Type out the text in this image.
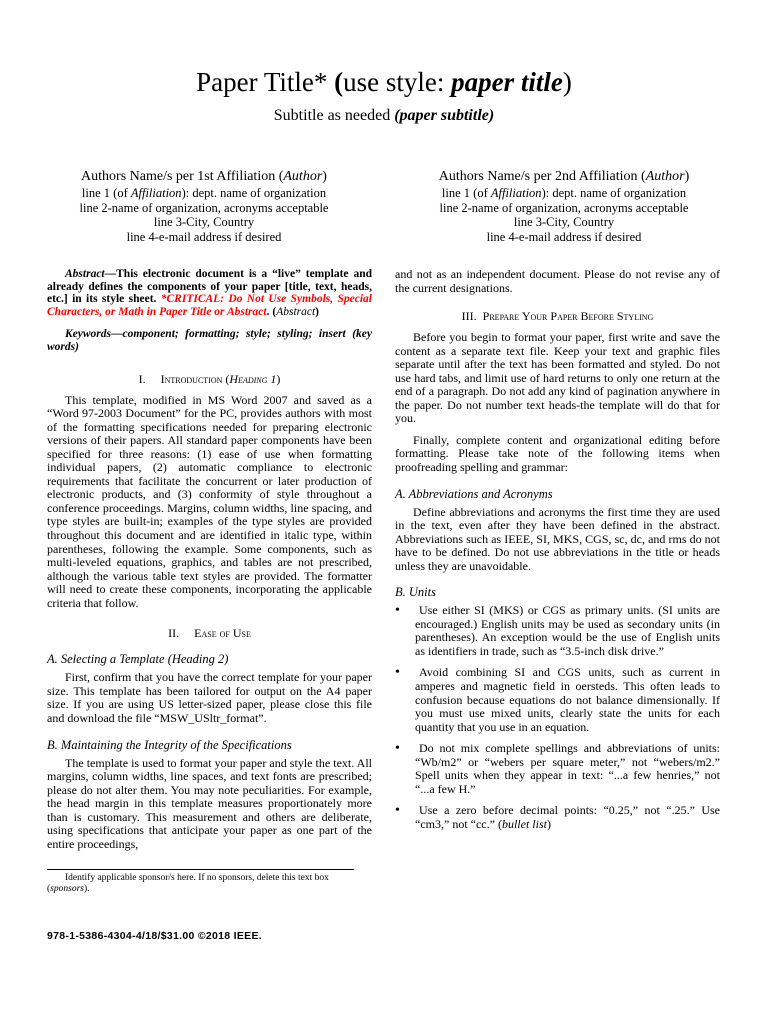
Paper Title* (use style: paper title)
Subtitle as needed (paper subtitle)
Authors Name/s per 1st Affiliation (Author)
line 1 (of Affiliation): dept. name of organization
line 2-name of organization, acronyms acceptable
line 3-City, Country
line 4-e-mail address if desired
Authors Name/s per 2nd Affiliation (Author)
line 1 (of Affiliation): dept. name of organization
line 2-name of organization, acronyms acceptable
line 3-City, Country
line 4-e-mail address if desired

Abstract—This electronic document is a “live” template and already defines the components of your paper [title, text, heads, etc.] in its style sheet. *CRITICAL: Do Not Use Symbols, Special Characters, or Math in Paper Title or Abstract. (Abstract)

Keywords—component; formatting; style; styling; insert (key words)

I. Introduction (Heading 1)

This template, modified in MS Word 2007 and saved as a “Word 97-2003 Document” for the PC, provides authors with most of the formatting specifications needed for preparing electronic versions of their papers. All standard paper components have been specified for three reasons: (1) ease of use when formatting individual papers, (2) automatic compliance to electronic requirements that facilitate the concurrent or later production of electronic products, and (3) conformity of style throughout a conference proceedings. Margins, column widths, line spacing, and type styles are built-in; examples of the type styles are provided throughout this document and are identified in italic type, within parentheses, following the example. Some components, such as multi-leveled equations, graphics, and tables are not prescribed, although the various table text styles are provided. The formatter will need to create these components, incorporating the applicable criteria that follow.

II. Ease of Use
A. Selecting a Template (Heading 2)

First, confirm that you have the correct template for your paper size. This template has been tailored for output on the A4 paper size. If you are using US letter-sized paper, please close this file and download the file “MSW_USltr_format”.

B. Maintaining the Integrity of the Specifications

The template is used to format your paper and style the text. All margins, column widths, line spaces, and text fonts are prescribed; please do not alter them. You may note peculiarities. For example, the head margin in this template measures proportionately more than is customary. This measurement and others are deliberate, using specifications that anticipate your paper as one part of the entire proceedings,

Identify applicable sponsor/s here. If no sponsors, delete this text box (sponsors).
978-1-5386-4304-4/18/$31.00 ©2018 IEEE.

and not as an independent document. Please do not revise any of the current designations.

III. Prepare Your Paper Before Styling

Before you begin to format your paper, first write and save the content as a separate text file. Keep your text and graphic files separate until after the text has been formatted and styled. Do not use hard tabs, and limit use of hard returns to only one return at the end of a paragraph. Do not add any kind of pagination anywhere in the paper. Do not number text heads-the template will do that for you.

Finally, complete content and organizational editing before formatting. Please take note of the following items when proofreading spelling and grammar:

A. Abbreviations and Acronyms

Define abbreviations and acronyms the first time they are used in the text, even after they have been defined in the abstract. Abbreviations such as IEEE, SI, MKS, CGS, sc, dc, and rms do not have to be defined. Do not use abbreviations in the title or heads unless they are unavoidable.

B. Units
• Use either SI (MKS) or CGS as primary units. (SI units are encouraged.) English units may be used as secondary units (in parentheses). An exception would be the use of English units as identifiers in trade, such as “3.5-inch disk drive.”
• Avoid combining SI and CGS units, such as current in amperes and magnetic field in oersteds. This often leads to confusion because equations do not balance dimensionally. If you must use mixed units, clearly state the units for each quantity that you use in an equation.
• Do not mix complete spellings and abbreviations of units: “Wb/m2” or “webers per square meter,” not “webers/m2.” Spell units when they appear in text: “...a few henries,” not “...a few H.”
• Use a zero before decimal points: “0.25,” not “.25.” Use “cm3,” not “cc.” (bullet list)
